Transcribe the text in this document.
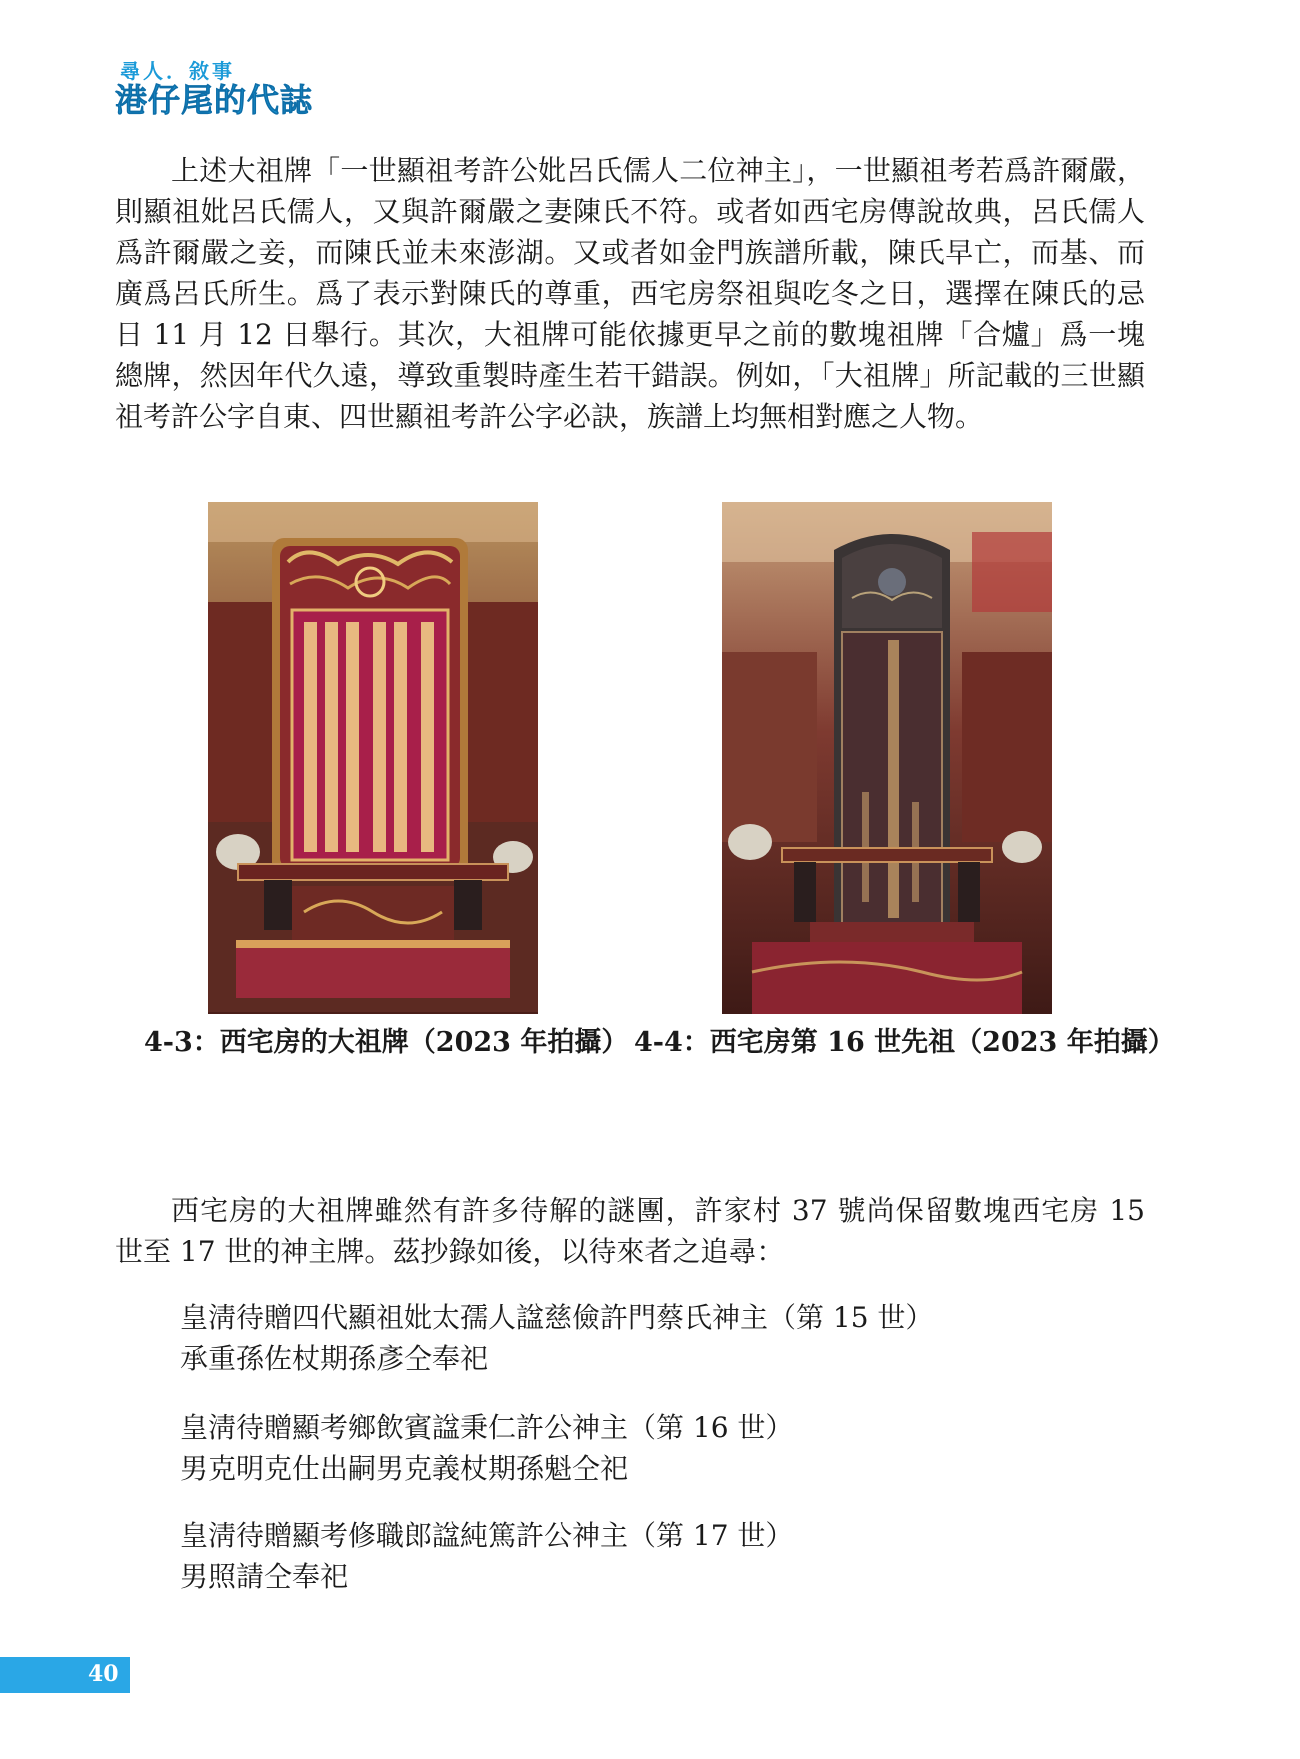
尋人．敘事
港仔尾的代誌

上述大祖牌「一世顯祖考許公妣呂氏儒人二位神主」，一世顯祖考若爲許爾嚴，則顯祖妣呂氏儒人，又與許爾嚴之妻陳氏不符。或者如西宅房傳說故典，呂氏儒人爲許爾嚴之妾，而陳氏並未來澎湖。又或者如金門族譜所載，陳氏早亡，而基、而廣爲呂氏所生。爲了表示對陳氏的尊重，西宅房祭祖與吃冬之日，選擇在陳氏的忌日 11 月 12 日舉行。其次，大祖牌可能依據更早之前的數塊祖牌「合爐」爲一塊總牌，然因年代久遠，導致重製時產生若干錯誤。例如，「大祖牌」所記載的三世顯祖考許公字自東、四世顯祖考許公字必訣，族譜上均無相對應之人物。

4-3：西宅房的大祖牌（2023 年拍攝） 4-4：西宅房第 16 世先祖（2023 年拍攝）

西宅房的大祖牌雖然有許多待解的謎團，許家村 37 號尚保留數塊西宅房 15 世至 17 世的神主牌。茲抄錄如後，以待來者之追尋：

皇淸待贈四代顯祖妣太孺人諡慈儉許門蔡氏神主（第 15 世）
承重孫佐杖期孫彥仝奉祀
皇淸待贈顯考鄉飲賓諡秉仁許公神主（第 16 世）
男克明克仕出嗣男克義杖期孫魁仝祀
皇淸待贈顯考修職郎諡純篤許公神主（第 17 世）
男照請仝奉祀
40
